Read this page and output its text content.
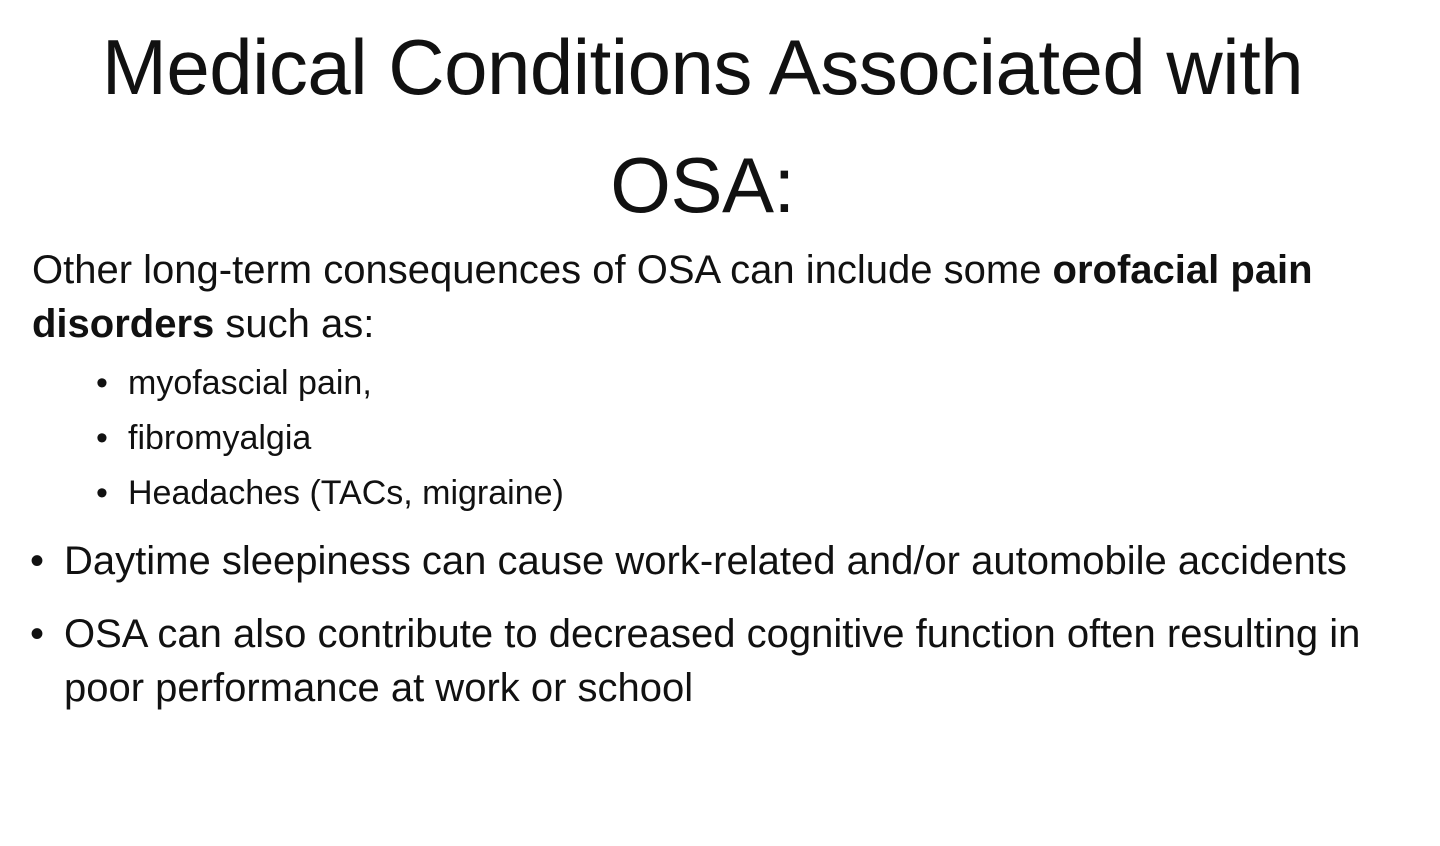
Medical Conditions Associated with
OSA:

Other long-term consequences of OSA can include some orofacial pain disorders such as:

• myofascial pain,
• fibromyalgia
• Headaches (TACs, migraine)
• Daytime sleepiness can cause work-related and/or automobile accidents
• OSA can also contribute to decreased cognitive function often resulting in poor performance at work or school
